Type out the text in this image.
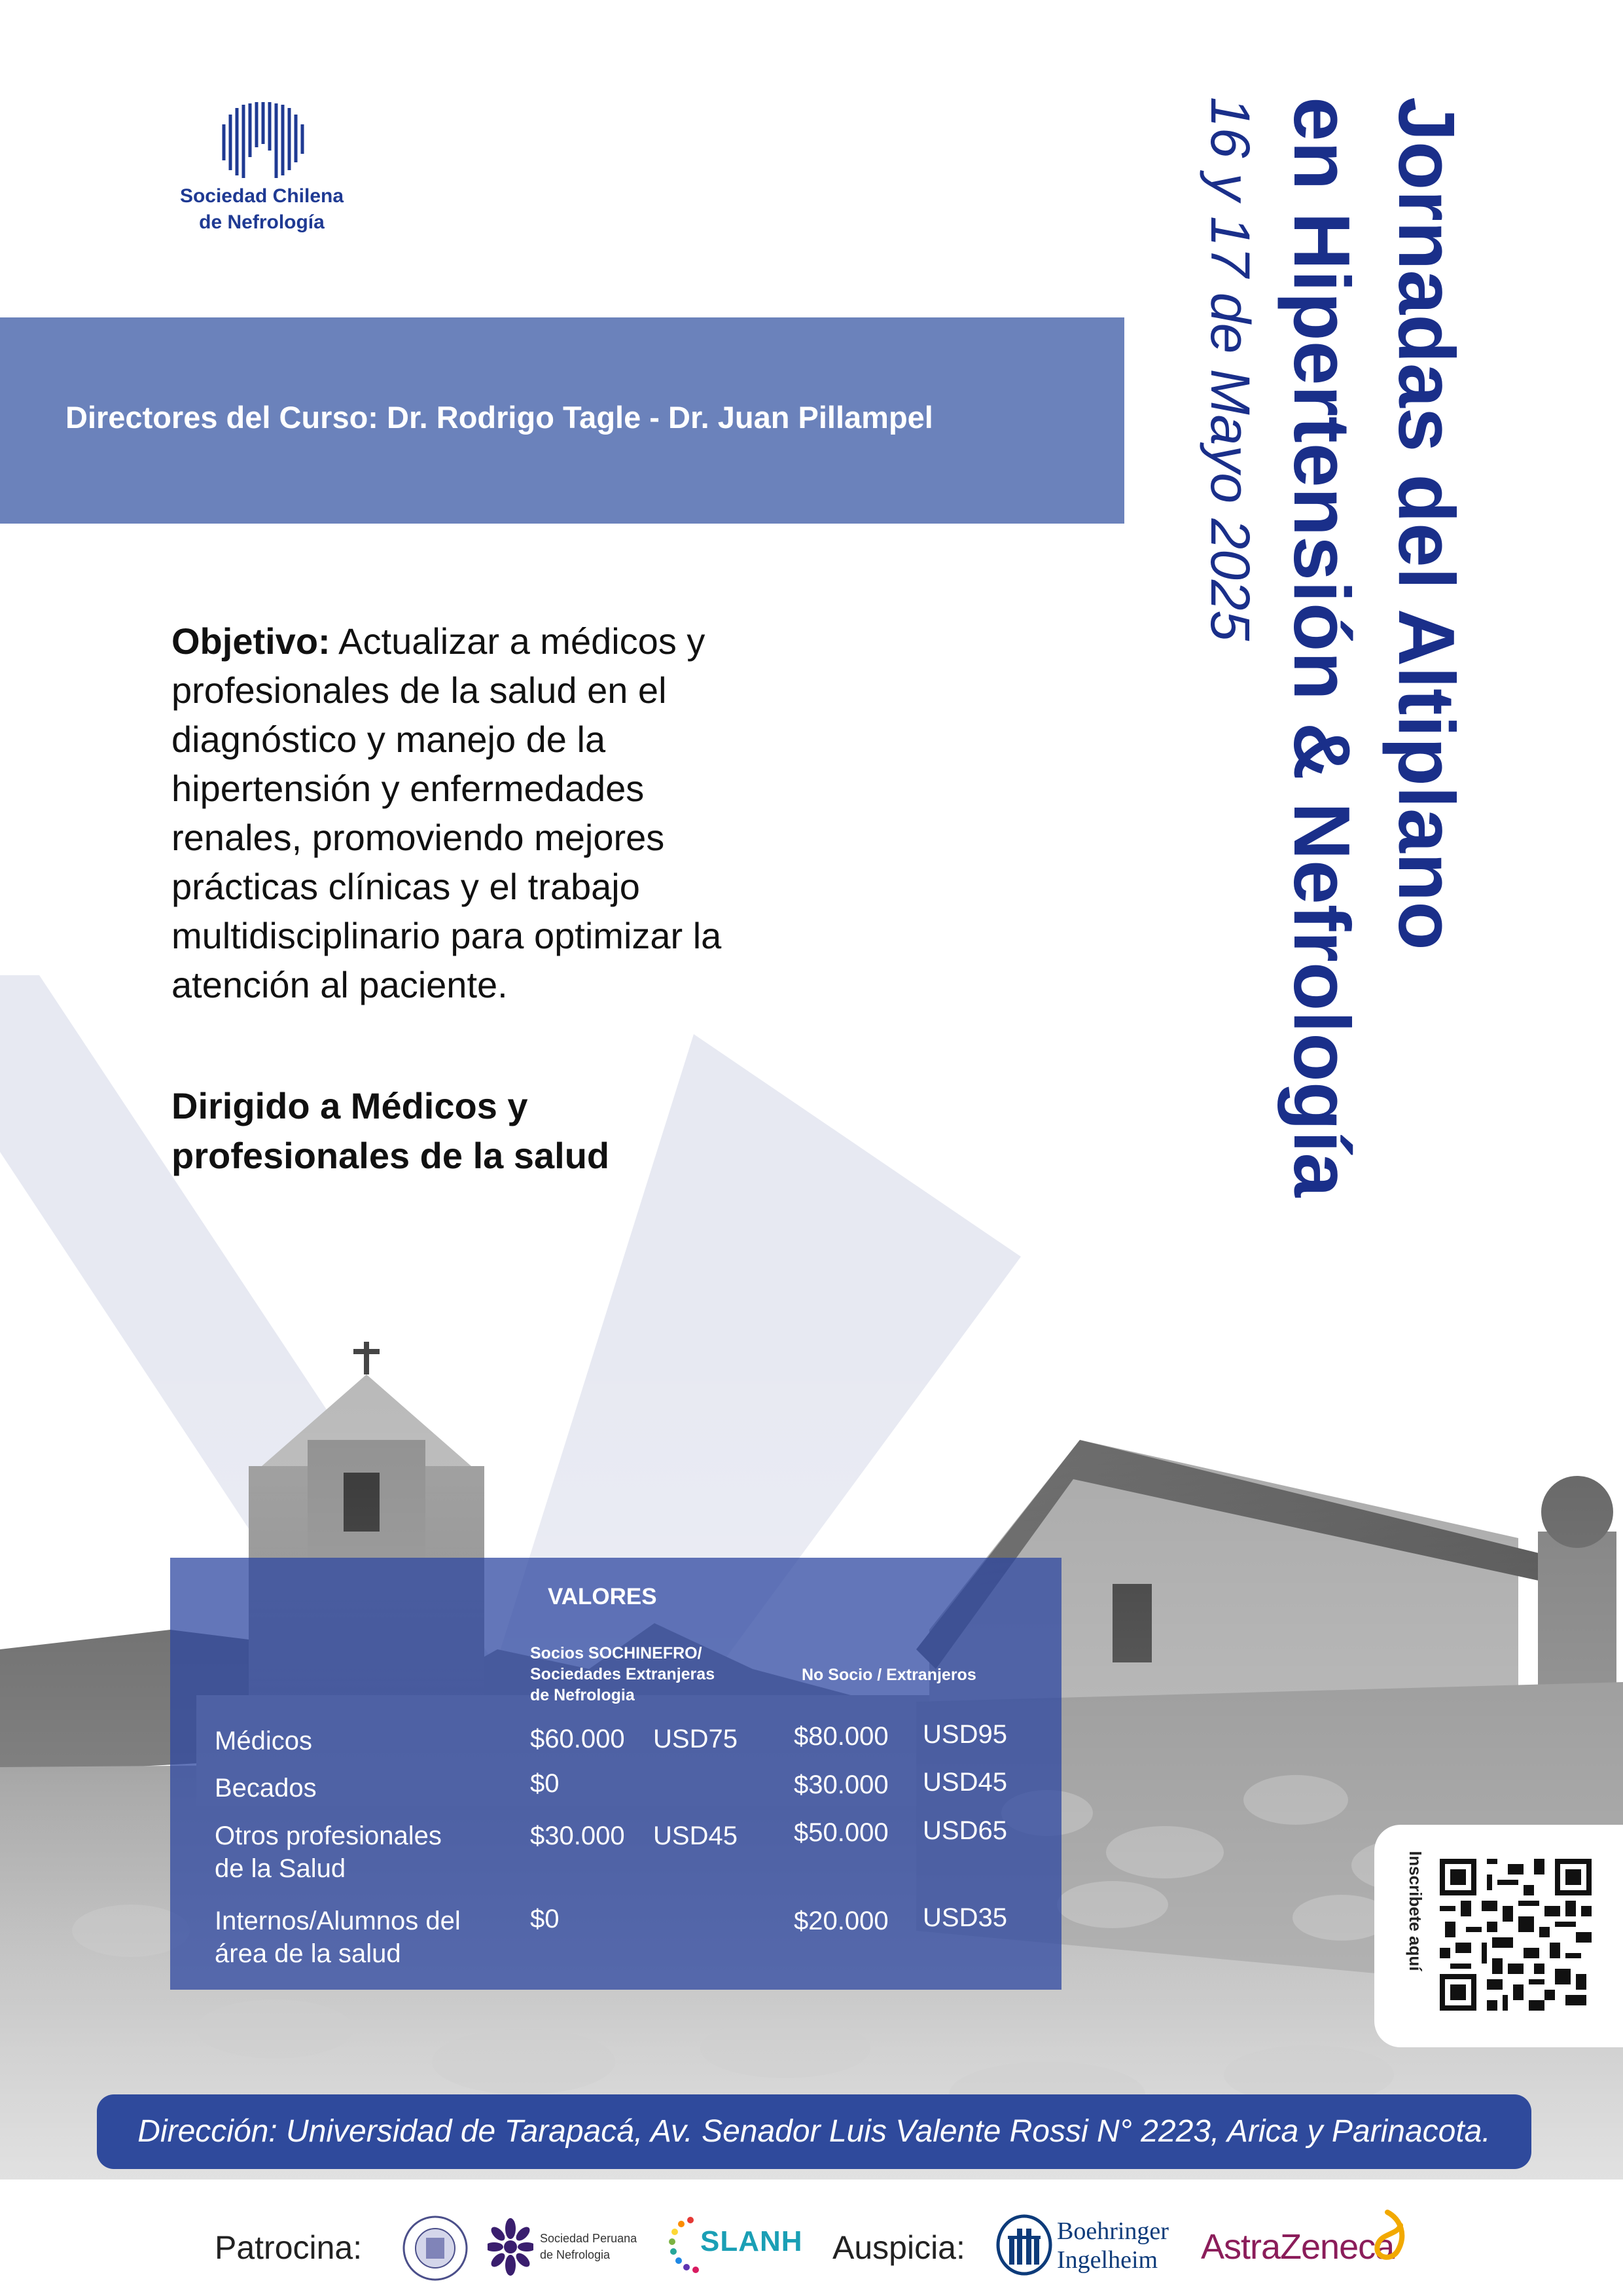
Sociedad Chilena
de Nefrología
Directores del Curso: Dr. Rodrigo Tagle - Dr. Juan Pillampel	Jornadas del Altiplano
en Hipertensión & Nefrología
16 y 17 de Mayo 2025
Objetivo: Actualizar a médicos y profesionales de la salud en el diagnóstico y manejo de la hipertensión y enfermedades renales, promoviendo mejores prácticas clínicas y el trabajo multidisciplinario para optimizar la atención al paciente.
Dirigido a Médicos y
profesionales de la salud
VALORES
Socios SOCHINEFRO/
Sociedades Extranjeras
de Nefrologia
No Socio / Extranjeros
Médicos	$60.000 USD75 $80.000 USD95
Becados	$0	$30.000 USD45
Otros profesionales
de la Salud
$30.000 USD45 $50.000 USD65
Internos/Alumnos del
área de la salud
$0	$20.000 USD35	Inscribete aquí
Dirección: Universidad de Tarapacá, Av. Senador Luis Valente Rossi N° 2223, Arica y Parinacota.
Patrocina:	Sociedad Peruana
de Nefrologia	SLANH Auspicia:	Boehringer
Ingelheim	AstraZeneca
